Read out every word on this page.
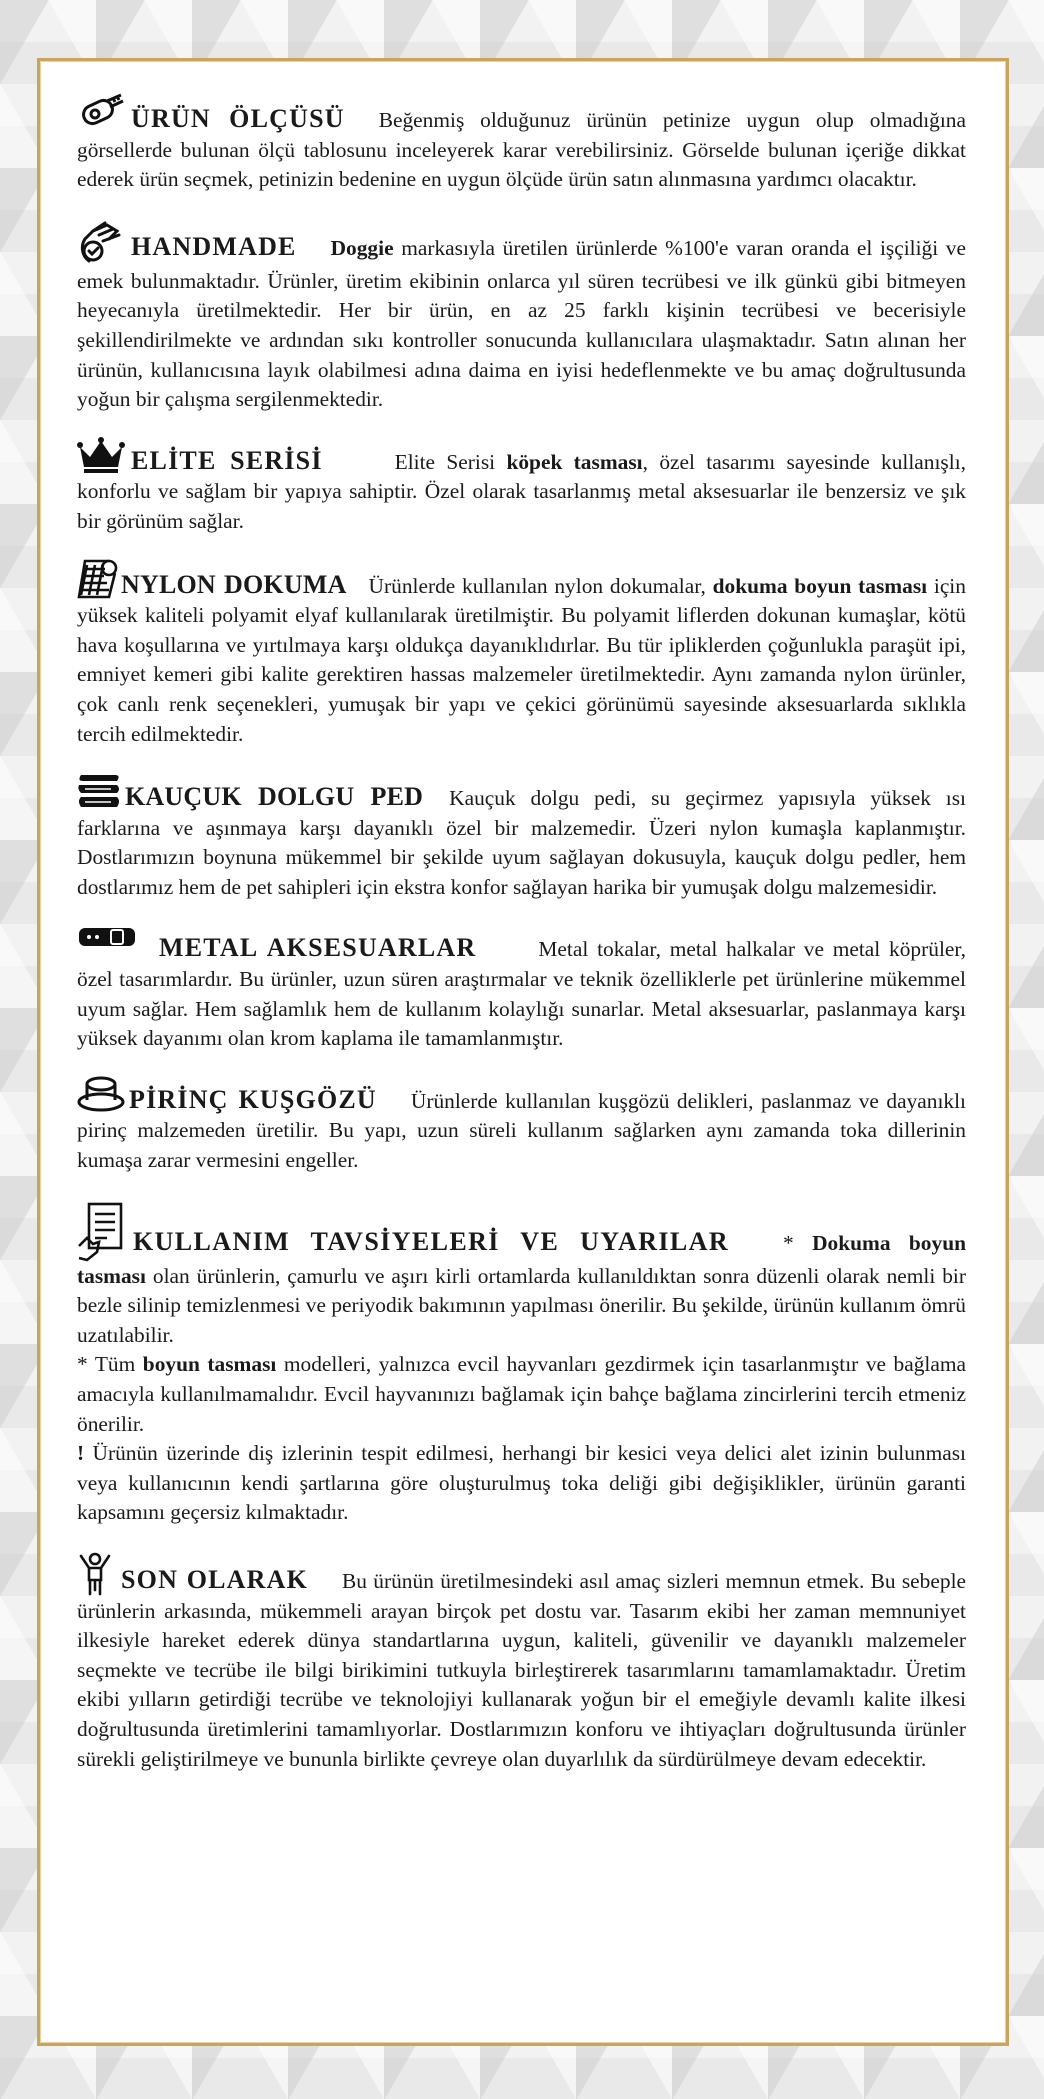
ÜRÜN ÖLÇÜSÜ Beğenmiş olduğunuz ürünün petinize uygun olup olmadığına görsellerde bulunan ölçü tablosunu inceleyerek karar verebilirsiniz. Görselde bulunan içeriğe dikkat ederek ürün seçmek, petinizin bedenine en uygun ölçüde ürün satın alınmasına yardımcı olacaktır.

HANDMADE Doggie markasıyla üretilen ürünlerde %100'e varan oranda el işçiliği ve emek bulunmaktadır. Ürünler, üretim ekibinin onlarca yıl süren tecrübesi ve ilk günkü gibi bitmeyen heyecanıyla üretilmektedir. Her bir ürün, en az 25 farklı kişinin tecrübesi ve becerisiyle şekillendirilmekte ve ardından sıkı kontroller sonucunda kullanıcılara ulaşmaktadır. Satın alınan her ürünün, kullanıcısına layık olabilmesi adına daima en iyisi hedeflenmekte ve bu amaç doğrultusunda yoğun bir çalışma sergilenmektedir.

ELİTE SERİSİ	Elite Serisi köpek tasması, özel tasarımı sayesinde kullanışlı, konforlu ve sağlam bir yapıya sahiptir. Özel olarak tasarlanmış metal aksesuarlar ile benzersiz ve şık bir görünüm sağlar.

NYLON DOKUMA Ürünlerde kullanılan nylon dokumalar, dokuma boyun tasması için yüksek kaliteli polyamit elyaf kullanılarak üretilmiştir. Bu polyamit liflerden dokunan kumaşlar, kötü hava koşullarına ve yırtılmaya karşı oldukça dayanıklıdırlar. Bu tür ipliklerden çoğunlukla paraşüt ipi, emniyet kemeri gibi kalite gerektiren hassas malzemeler üretilmektedir. Aynı zamanda nylon ürünler, çok canlı renk seçenekleri, yumuşak bir yapı ve çekici görünümü sayesinde aksesuarlarda sıklıkla tercih edilmektedir.

KAUÇUK DOLGU PED Kauçuk dolgu pedi, su geçirmez yapısıyla yüksek ısı farklarına ve aşınmaya karşı dayanıklı özel bir malzemedir. Üzeri nylon kumaşla kaplanmıştır. Dostlarımızın boynuna mükemmel bir şekilde uyum sağlayan dokusuyla, kauçuk dolgu pedler, hem dostlarımız hem de pet sahipleri için ekstra konfor sağlayan harika bir yumuşak dolgu malzemesidir.

METAL AKSESUARLAR	Metal tokalar, metal halkalar ve metal köprüler, özel tasarımlardır. Bu ürünler, uzun süren araştırmalar ve teknik özelliklerle pet ürünlerine mükemmel uyum sağlar. Hem sağlamlık hem de kullanım kolaylığı sunarlar. Metal aksesuarlar, paslanmaya karşı yüksek dayanımı olan krom kaplama ile tamamlanmıştır.

PİRİNÇ KUŞGÖZÜ Ürünlerde kullanılan kuşgözü delikleri, paslanmaz ve dayanıklı pirinç malzemeden üretilir. Bu yapı, uzun süreli kullanım sağlarken aynı zamanda toka dillerinin kumaşa zarar vermesini engeller.

KULLANIM TAVSİYELERİ VE UYARILAR	* Dokuma boyun tasması olan ürünlerin, çamurlu ve aşırı kirli ortamlarda kullanıldıktan sonra düzenli olarak nemli bir bezle silinip temizlenmesi ve periyodik bakımının yapılması önerilir. Bu şekilde, ürünün kullanım ömrü uzatılabilir.

* Tüm boyun tasması modelleri, yalnızca evcil hayvanları gezdirmek için tasarlanmıştır ve bağlama amacıyla kullanılmamalıdır. Evcil hayvanınızı bağlamak için bahçe bağlama zincirlerini tercih etmeniz önerilir.

! Ürünün üzerinde diş izlerinin tespit edilmesi, herhangi bir kesici veya delici alet izinin bulunması veya kullanıcının kendi şartlarına göre oluşturulmuş toka deliği gibi değişiklikler, ürünün garanti kapsamını geçersiz kılmaktadır.

SON OLARAK Bu ürünün üretilmesindeki asıl amaç sizleri memnun etmek. Bu sebeple ürünlerin arkasında, mükemmeli arayan birçok pet dostu var. Tasarım ekibi her zaman memnuniyet ilkesiyle hareket ederek dünya standartlarına uygun, kaliteli, güvenilir ve dayanıklı malzemeler seçmekte ve tecrübe ile bilgi birikimini tutkuyla birleştirerek tasarımlarını tamamlamaktadır. Üretim ekibi yılların getirdiği tecrübe ve teknolojiyi kullanarak yoğun bir el emeğiyle devamlı kalite ilkesi doğrultusunda üretimlerini tamamlıyorlar. Dostlarımızın konforu ve ihtiyaçları doğrultusunda ürünler sürekli geliştirilmeye ve bununla birlikte çevreye olan duyarlılık da sürdürülmeye devam edecektir.
